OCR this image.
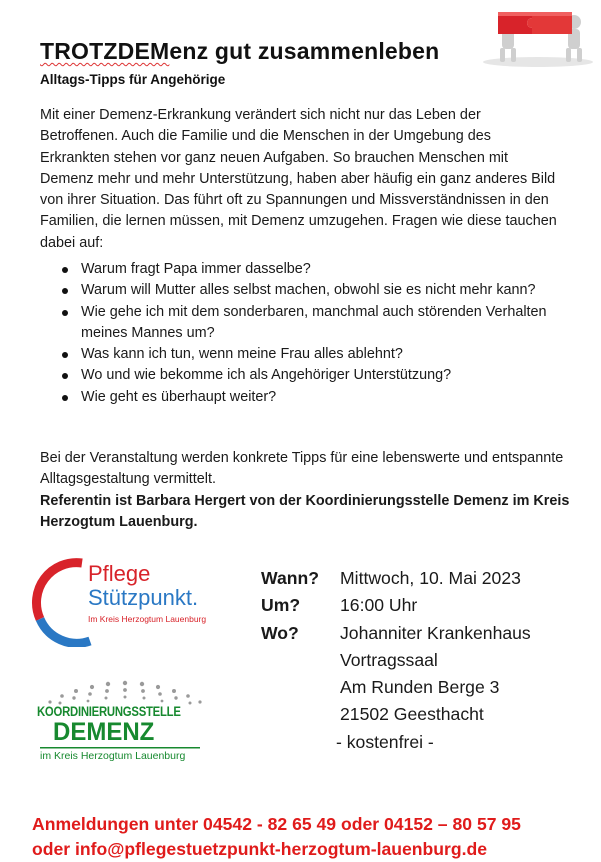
TROTZDEMenz gut zusammenleben
Alltags-Tipps für Angehörige

Mit einer Demenz-Erkrankung verändert sich nicht nur das Leben der Betroffenen. Auch die Familie und die Menschen in der Umgebung des Erkrankten stehen vor ganz neuen Aufgaben. So brauchen Menschen mit Demenz mehr und mehr Unterstützung, haben aber häufig ein ganz anderes Bild von ihrer Situation. Das führt oft zu Spannungen und Missverständnissen in den Familien, die lernen müssen, mit Demenz umzugehen. Fragen wie diese tauchen dabei auf:

Warum fragt Papa immer dasselbe?
Warum will Mutter alles selbst machen, obwohl sie es nicht mehr kann?
Wie gehe ich mit dem sonderbaren, manchmal auch störenden Verhalten meines Mannes um?
Was kann ich tun, wenn meine Frau alles ablehnt?
Wo und wie bekomme ich als Angehöriger Unterstützung?
Wie geht es überhaupt weiter?

Bei der Veranstaltung werden konkrete Tipps für eine lebenswerte und entspannte Alltagsgestaltung vermittelt.

Referentin ist Barbara Hergert von der Koordinierungsstelle Demenz im Kreis Herzogtum Lauenburg.

Pflege
Stützpunkt.
Im Kreis Herzogtum Lauenburg
KOORDINIERUNGSSTELLE
DEMENZ
im Kreis Herzogtum Lauenburg
Wann?	Mittwoch, 10. Mai 2023
Um?	16:00 Uhr
Wo?	Johanniter Krankenhaus
Vortragssaal
Am Runden Berge 3
21502 Geesthacht
- kostenfrei -
Anmeldungen unter 04542 - 82 65 49 oder 04152 – 80 57 95
oder info@pflegestuetzpunkt-herzogtum-lauenburg.de
